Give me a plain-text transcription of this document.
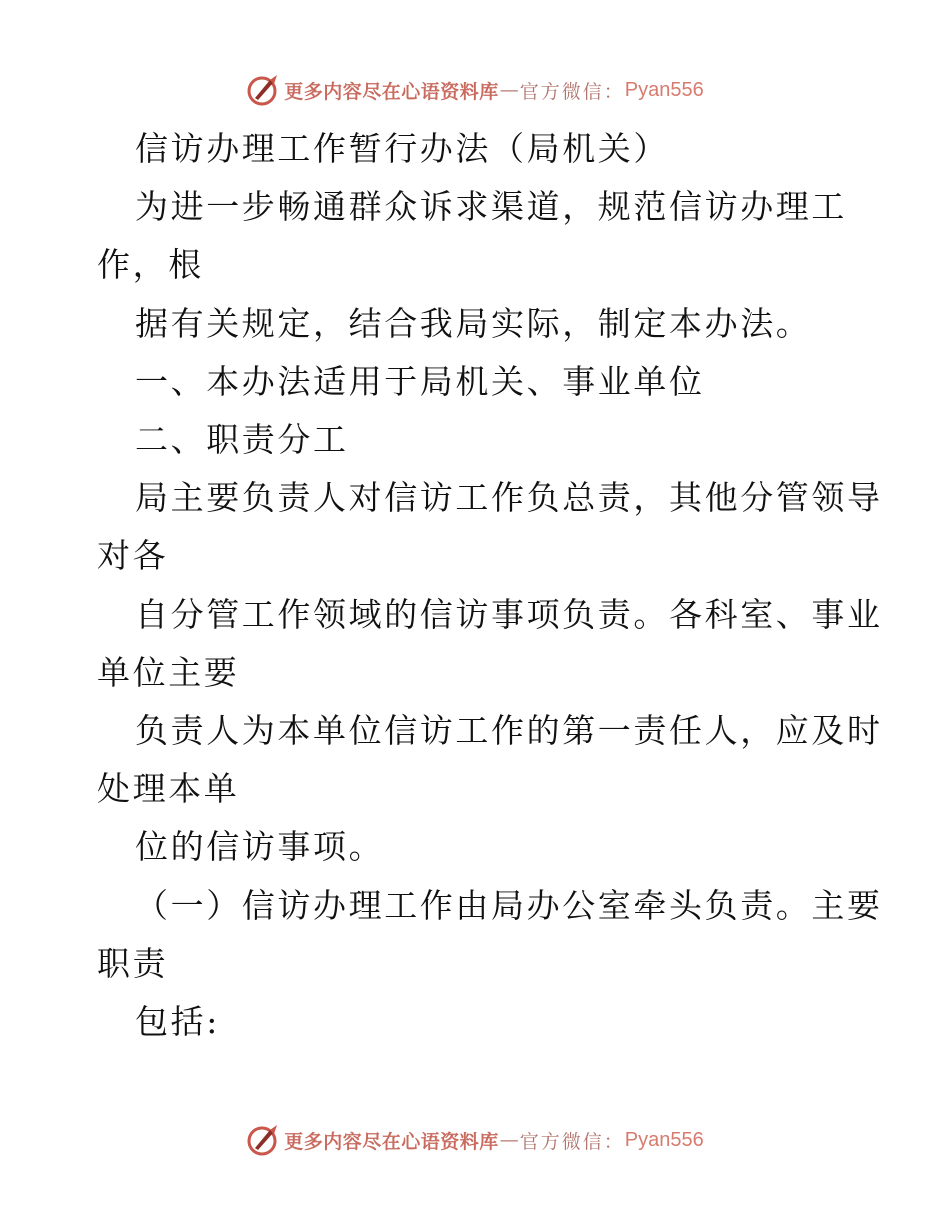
更多内容尽在心语资料库 — 官方微信： Pyan556

信访办理工作暂行办法（局机关）

为进一步畅通群众诉求渠道，规范信访办理工

作，根

据有关规定，结合我局实际，制定本办法。

一、本办法适用于局机关、事业单位

二、职责分工

局主要负责人对信访工作负总责，其他分管领导

对各

自分管工作领域的信访事项负责。各科室、事业

单位主要

负责人为本单位信访工作的第一责任人，应及时

处理本单

位的信访事项。

（一）信访办理工作由局办公室牵头负责。主要

职责

包括:

更多内容尽在心语资料库 — 官方微信： Pyan556
